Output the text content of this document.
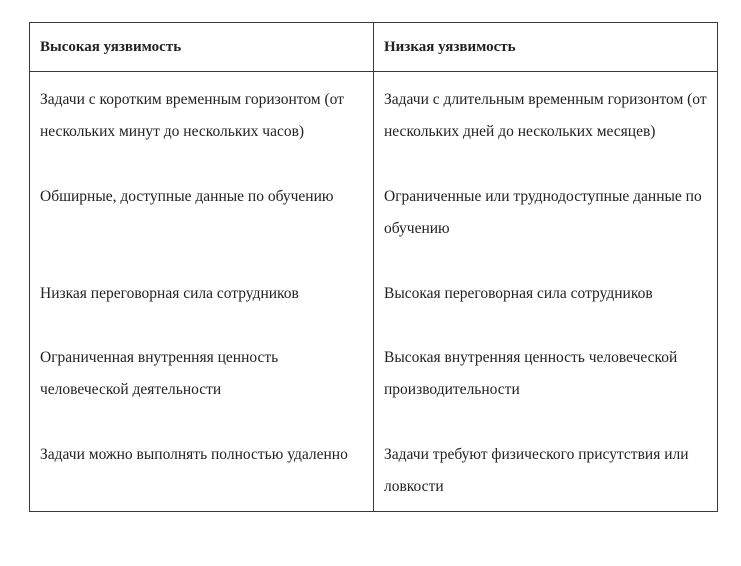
Высокая уязвимость	Низкая уязвимость

Задачи с коротким временным горизонтом (от нескольких минут до нескольких часов)	Задачи с длительным временным горизонтом (от нескольких дней до нескольких месяцев)

Обширные, доступные данные по обучению	Ограниченные или труднодоступные данные по обучению

Низкая переговорная сила сотрудников	Высокая переговорная сила сотрудников

Ограниченная внутренняя ценность человеческой деятельности	Высокая внутренняя ценность человеческой производительности

Задачи можно выполнять полностью удаленно	Задачи требуют физического присутствия или ловкости
